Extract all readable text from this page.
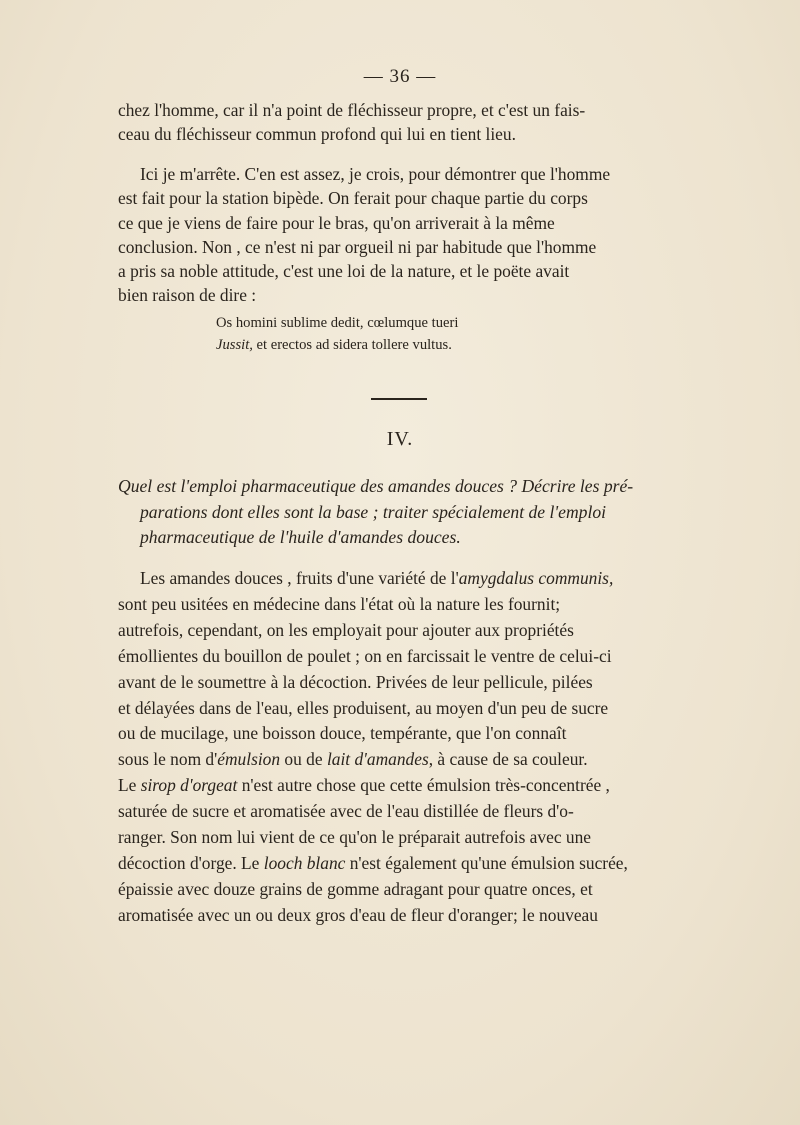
— 36 —
chez l'homme, car il n'a point de fléchisseur propre, et c'est un fais-
ceau du fléchisseur commun profond qui lui en tient lieu.
Ici je m'arrête. C'en est assez, je crois, pour démontrer que l'homme
est fait pour la station bipède. On ferait pour chaque partie du corps
ce que je viens de faire pour le bras, qu'on arriverait à la même
conclusion. Non , ce n'est ni par orgueil ni par habitude que l'homme
a pris sa noble attitude, c'est une loi de la nature, et le poëte avait
bien raison de dire :
Os homini sublime dedit, cœlumque tueri
Jussit, et erectos ad sidera tollere vultus.
IV.
Quel est l'emploi pharmaceutique des amandes douces ? Décrire les pré-
parations dont elles sont la base ; traiter spécialement de l'emploi
pharmaceutique de l'huile d'amandes douces.
Les amandes douces , fruits d'une variété de l' amygdalus communis,
sont peu usitées en médecine dans l'état où la nature les fournit;
autrefois, cependant, on les employait pour ajouter aux propriétés
émollientes du bouillon de poulet ; on en farcissait le ventre de celui-ci
avant de le soumettre à la décoction. Privées de leur pellicule, pilées
et délayées dans de l'eau, elles produisent, au moyen d'un peu de sucre
ou de mucilage, une boisson douce, tempérante, que l'on connaît
sous le nom d' émulsion ou de lait d'amandes , à cause de sa couleur.
Le sirop d'orgeat n'est autre chose que cette émulsion très-concentrée ,
saturée de sucre et aromatisée avec de l'eau distillée de fleurs d'o-
ranger. Son nom lui vient de ce qu'on le préparait autrefois avec une
décoction d'orge. Le looch blanc n'est également qu'une émulsion sucrée,
épaissie avec douze grains de gomme adragant pour quatre onces, et
aromatisée avec un ou deux gros d'eau de fleur d'oranger; le nouveau
